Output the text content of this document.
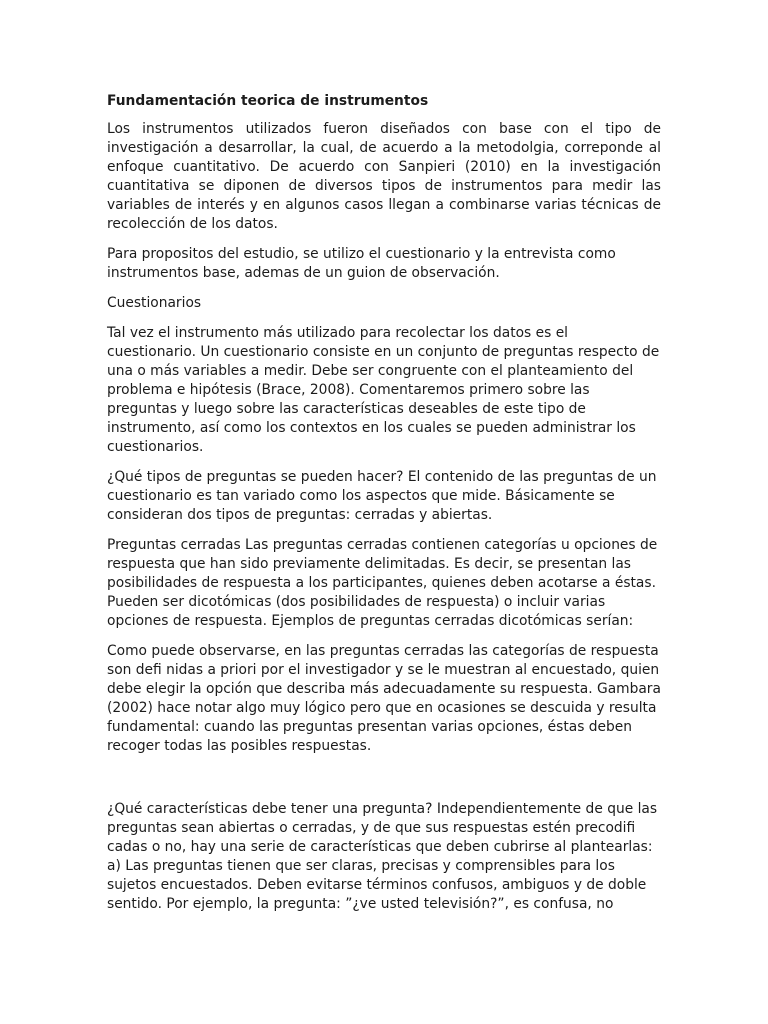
Fundamentación teorica de instrumentos
Los instrumentos utilizados fueron diseñados con base con el tipo de
investigación a desarrollar, la cual, de acuerdo a la metodolgia, correponde al
enfoque cuantitativo. De acuerdo con Sanpieri (2010) en la investigación
cuantitativa se diponen de diversos tipos de instrumentos para medir las
variables de interés y en algunos casos llegan a combinarse varias técnicas de
recolección de los datos.
Para propositos del estudio, se utilizo el cuestionario y la entrevista como
instrumentos base, ademas de un guion de observación.
Cuestionarios
Tal vez el instrumento más utilizado para recolectar los datos es el
cuestionario. Un cuestionario consiste en un conjunto de preguntas respecto de
una o más variables a medir. Debe ser congruente con el planteamiento del
problema e hipótesis (Brace, 2008). Comentaremos primero sobre las
preguntas y luego sobre las características deseables de este tipo de
instrumento, así como los contextos en los cuales se pueden administrar los
cuestionarios.
¿Qué tipos de preguntas se pueden hacer? El contenido de las preguntas de un
cuestionario es tan variado como los aspectos que mide. Básicamente se
consideran dos tipos de preguntas: cerradas y abiertas.
Preguntas cerradas Las preguntas cerradas contienen categorías u opciones de
respuesta que han sido previamente delimitadas. Es decir, se presentan las
posibilidades de respuesta a los participantes, quienes deben acotarse a éstas.
Pueden ser dicotómicas (dos posibilidades de respuesta) o incluir varias
opciones de respuesta. Ejemplos de preguntas cerradas dicotómicas serían:
Como puede observarse, en las preguntas cerradas las categorías de respuesta
son defi nidas a priori por el investigador y se le muestran al encuestado, quien
debe elegir la opción que describa más adecuadamente su respuesta. Gambara
(2002) hace notar algo muy lógico pero que en ocasiones se descuida y resulta
fundamental: cuando las preguntas presentan varias opciones, éstas deben
recoger todas las posibles respuestas.
¿Qué características debe tener una pregunta? Independientemente de que las
preguntas sean abiertas o cerradas, y de que sus respuestas estén precodifi
cadas o no, hay una serie de características que deben cubrirse al plantearlas:
a) Las preguntas tienen que ser claras, precisas y comprensibles para los
sujetos encuestados. Deben evitarse términos confusos, ambiguos y de doble
sentido. Por ejemplo, la pregunta: ”¿ve usted televisión?”, es confusa, no
